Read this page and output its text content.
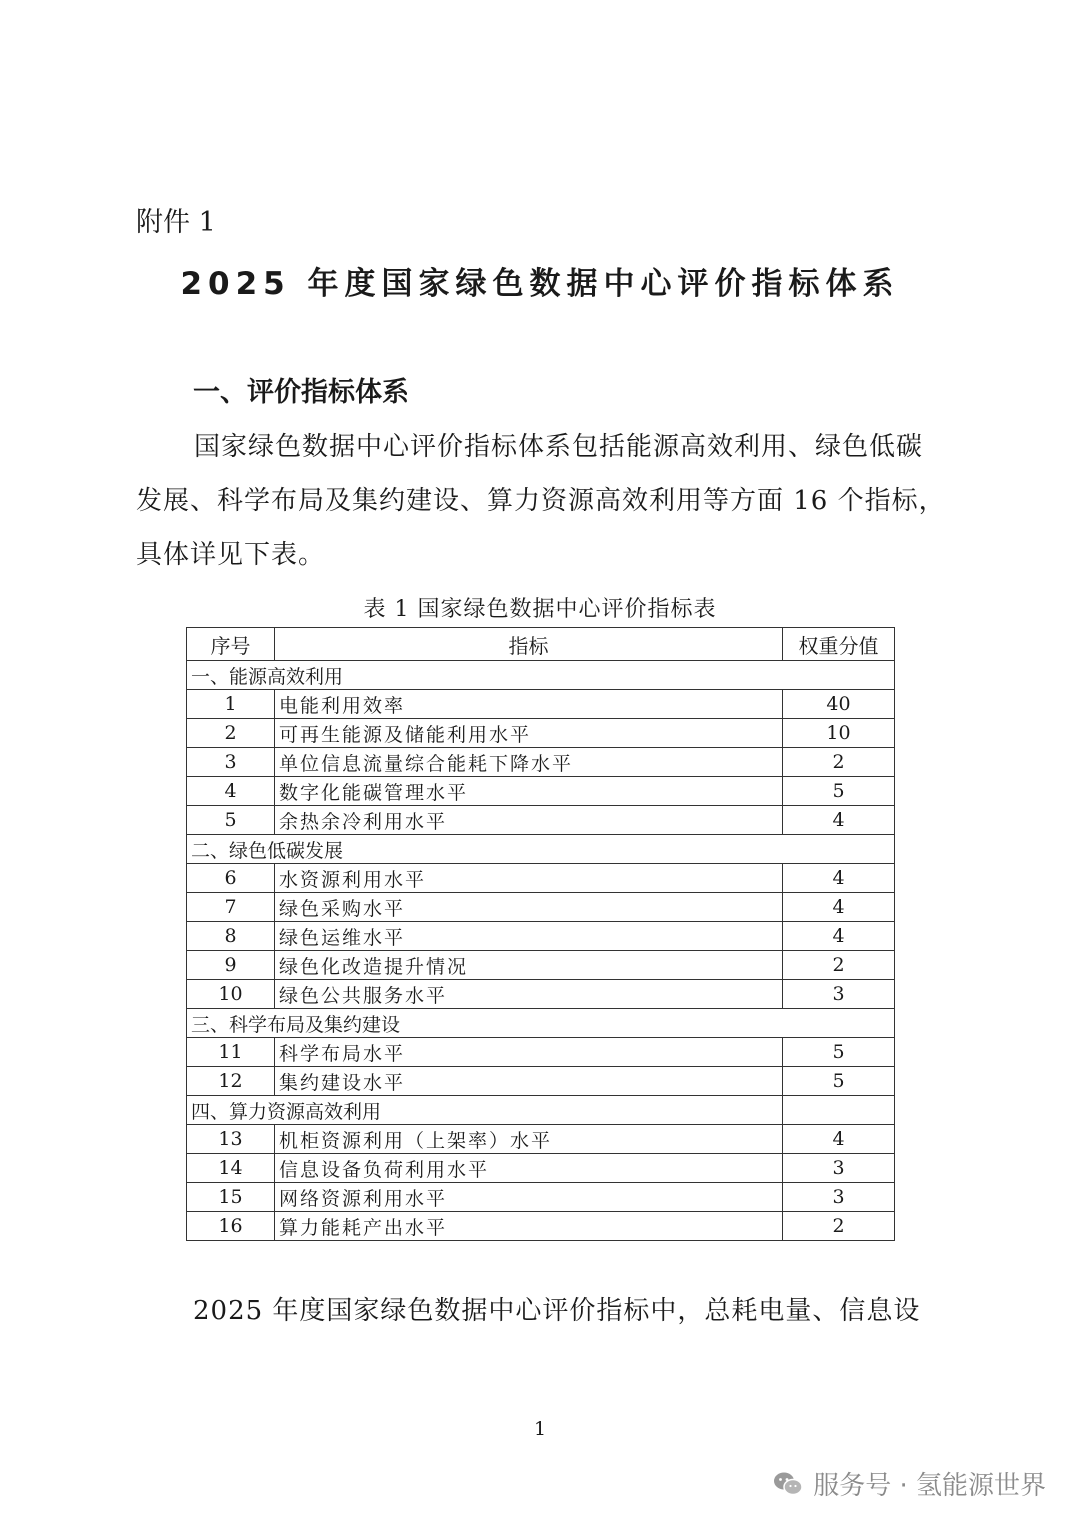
附件 1
2025 年度国家绿色数据中心评价指标体系
一、评价指标体系

国家绿色数据中心评价指标体系包括能源高效利用、绿色低碳发展、科学布局及集约建设、算力资源高效利用等方面 16 个指标，具体详见下表。

表 1 国家绿色数据中心评价指标表
序号	指标	权重分值
一、能源高效利用		
1	电能利用效率	40
2	可再生能源及储能利用水平	10
3	单位信息流量综合能耗下降水平	2
4	数字化能碳管理水平	5
5	余热余冷利用水平	4
二、绿色低碳发展		
6	水资源利用水平	4
7	绿色采购水平	4
8	绿色运维水平	4
9	绿色化改造提升情况	2
10	绿色公共服务水平	3
三、科学布局及集约建设		
11	科学布局水平	5
12	集约建设水平	5
四、算力资源高效利用		
13	机柜资源利用（上架率）水平	4
14	信息设备负荷利用水平	3
15	网络资源利用水平	3
16	算力能耗产出水平	2
2025 年度国家绿色数据中心评价指标中，总耗电量、信息设
1
服务号 · 氢能源世界
